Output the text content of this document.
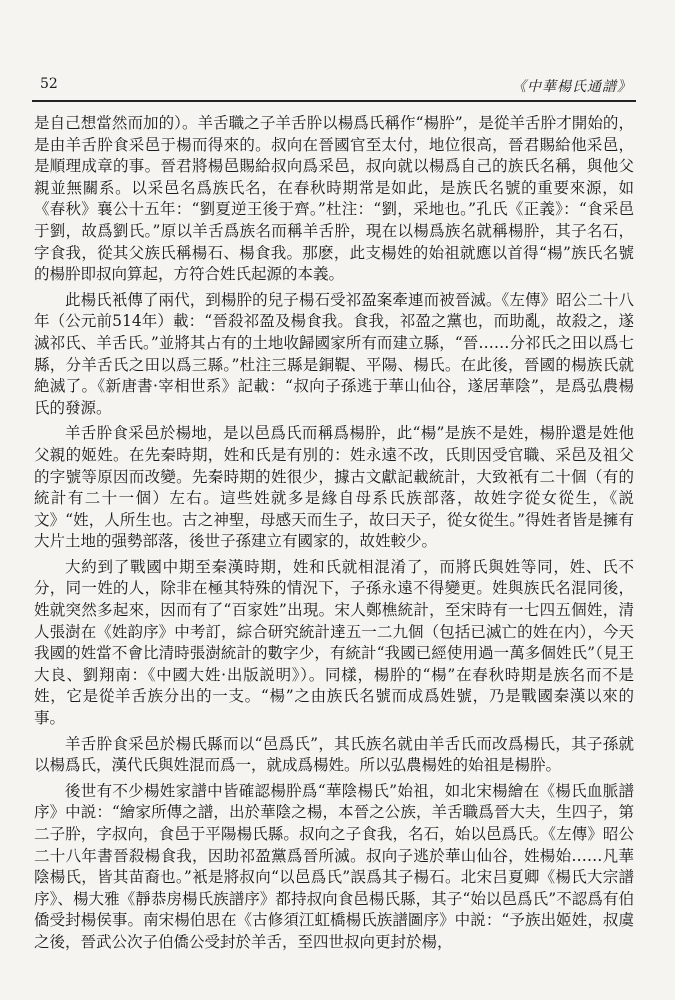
52	《中華楊氏通譜》

是自己想當然而加的）。羊舌職之子羊舌肸以楊爲氏稱作“楊肸”，是從羊舌肸才開始的，是由羊舌肸食采邑于楊而得來的。叔向在晉國官至太付，地位很高，晉君賜給他采邑，是順理成章的事。晉君將楊邑賜給叔向爲采邑，叔向就以楊爲自己的族氏名稱，與他父親並無關系。以采邑名爲族氏名，在春秋時期常是如此，是族氏名號的重要來源，如《春秋》襄公十五年：“劉夏逆王後于齊。”杜注：“劉，采地也。”孔氏《正義》：“食采邑于劉，故爲劉氏。”原以羊舌爲族名而稱羊舌肸，現在以楊爲族名就稱楊肸，其子名石，字食我，從其父族氏稱楊石、楊食我。那麽，此支楊姓的始祖就應以首得“楊”族氏名號的楊肸即叔向算起，方符合姓氏起源的本義。

此楊氏衹傳了兩代，到楊肸的兒子楊石受祁盈案牽連而被晉滅。《左傳》昭公二十八年（公元前514年）載：“晉殺祁盈及楊食我。食我，祁盈之黨也，而助亂，故殺之，遂滅祁氏、羊舌氏。”並將其占有的土地收歸國家所有而建立縣，“晉……分祁氏之田以爲七縣，分羊舌氏之田以爲三縣。”杜注三縣是銅鞮、平陽、楊氏。在此後，晉國的楊族氏就絶滅了。《新唐書·宰相世系》記載：“叔向子孫逃于華山仙谷，遂居華陰”，是爲弘農楊氏的發源。

羊舌肸食采邑於楊地，是以邑爲氏而稱爲楊肸，此“楊”是族不是姓，楊肸還是姓他父親的姬姓。在先秦時期，姓和氏是有別的：姓永遠不改，氏則因受官職、采邑及祖父的字號等原因而改變。先秦時期的姓很少，據古文獻記載統計，大致衹有二十個（有的統計有二十一個）左右。這些姓就多是緣自母系氏族部落，故姓字從女從生，《説文》“姓，人所生也。古之神聖，母感天而生子，故曰天子，從女從生。”得姓者皆是擁有大片土地的强勢部落，後世子孫建立有國家的，故姓較少。

大約到了戰國中期至秦漢時期，姓和氏就相混淆了，而將氏與姓等同，姓、氏不分，同一姓的人，除非在極其特殊的情況下，子孫永遠不得變更。姓與族氏名混同後，姓就突然多起來，因而有了“百家姓”出現。宋人鄭樵統計，至宋時有一七四五個姓，清人張澍在《姓韵序》中考訂，綜合研究統計達五一二九個（包括已滅亡的姓在内），今天我國的姓當不會比清時張澍統計的數字少，有統計“我國已經使用過一萬多個姓氏”（見王大良、劉翔南：《中國大姓·出版説明》）。同樣，楊肸的“楊”在春秋時期是族名而不是姓，它是從羊舌族分出的一支。“楊”之由族氏名號而成爲姓號，乃是戰國秦漢以來的事。

羊舌肸食采邑於楊氏縣而以“邑爲氏”，其氏族名就由羊舌氏而改爲楊氏，其子孫就以楊爲氏，漢代氏與姓混而爲一，就成爲楊姓。所以弘農楊姓的始祖是楊肸。

後世有不少楊姓家譜中皆確認楊肸爲“華陰楊氏”始祖，如北宋楊繪在《楊氏血脈譜序》中説：“繪家所傳之譜，出於華陰之楊，本晉之公族，羊舌職爲晉大夫，生四子，第二子肸，字叔向，食邑于平陽楊氏縣。叔向之子食我，名石，始以邑爲氏。《左傳》昭公二十八年書晉殺楊食我，因助祁盈黨爲晉所滅。叔向子逃於華山仙谷，姓楊始……凡華陰楊氏，皆其苗裔也。”衹是將叔向“以邑爲氏”誤爲其子楊石。北宋吕夏卿《楊氏大宗譜序》、楊大雅《靜恭房楊氏族譜序》都持叔向食邑楊氏縣，其子“始以邑爲氏”不認爲有伯僑受封楊侯事。南宋楊伯思在《古修須江虹橋楊氏族譜圖序》中説：“予族出姬姓，叔虞之後，晉武公次子伯僑公受封於羊舌，至四世叔向更封於楊，
